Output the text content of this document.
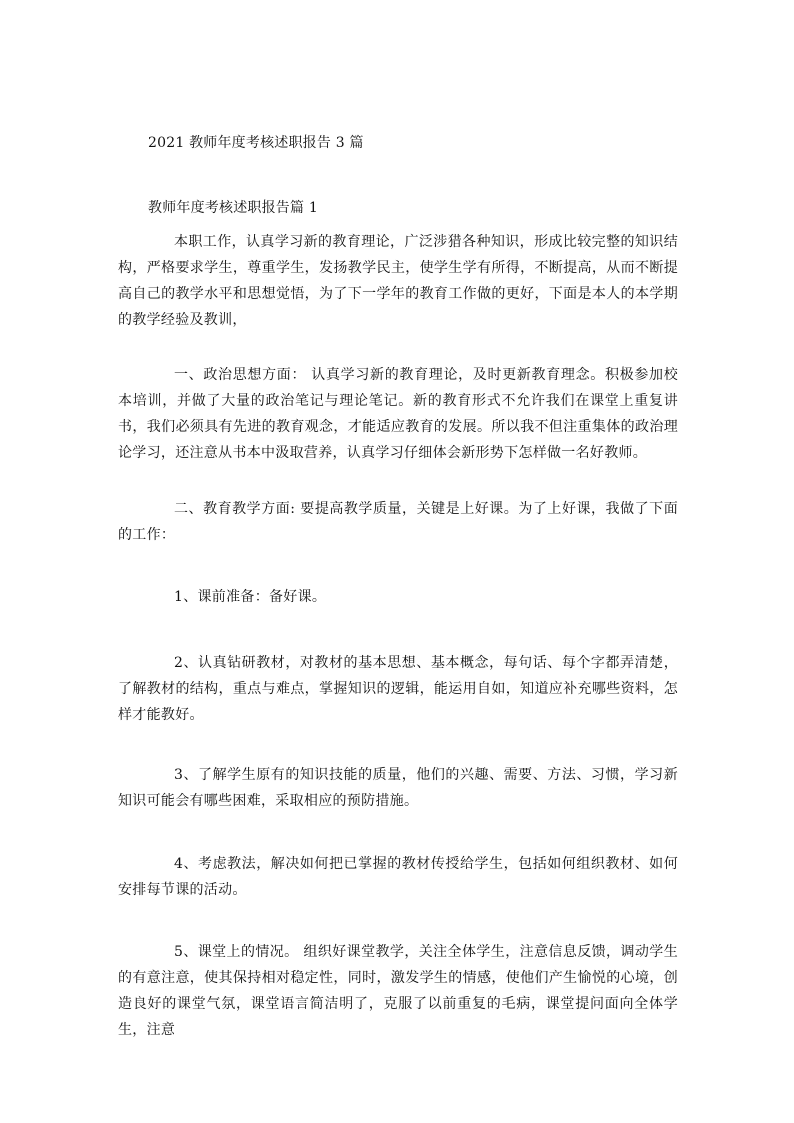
2021 教师年度考核述职报告 3 篇
教师年度考核述职报告篇 1
本职工作，认真学习新的教育理论，广泛涉猎各种知识，形成比较完整的知识结构，严格要求学生，尊重学生，发扬教学民主，使学生学有所得，不断提高，从而不断提高自己的教学水平和思想觉悟，为了下一学年的教育工作做的更好，下面是本人的本学期的教学经验及教训，
一、政治思想方面： 认真学习新的教育理论，及时更新教育理念。积极参加校本培训，并做了大量的政治笔记与理论笔记。新的教育形式不允许我们在课堂上重复讲书，我们必须具有先进的教育观念，才能适应教育的发展。所以我不但注重集体的政治理论学习，还注意从书本中汲取营养，认真学习仔细体会新形势下怎样做一名好教师。
二、教育教学方面: 要提高教学质量，关键是上好课。为了上好课，我做了下面的工作：
1、课前准备：备好课。
2、认真钻研教材，对教材的基本思想、基本概念，每句话、每个字都弄清楚，了解教材的结构，重点与难点，掌握知识的逻辑，能运用自如，知道应补充哪些资料，怎样才能教好。
3、了解学生原有的知识技能的质量，他们的兴趣、需要、方法、习惯，学习新知识可能会有哪些困难，采取相应的预防措施。
4、考虑教法，解决如何把已掌握的教材传授给学生，包括如何组织教材、如何安排每节课的活动。
5、课堂上的情况。 组织好课堂教学，关注全体学生，注意信息反馈，调动学生的有意注意，使其保持相对稳定性，同时，激发学生的情感，使他们产生愉悦的心境，创造良好的课堂气氛，课堂语言简洁明了，克服了以前重复的毛病，课堂提问面向全体学生，注意
